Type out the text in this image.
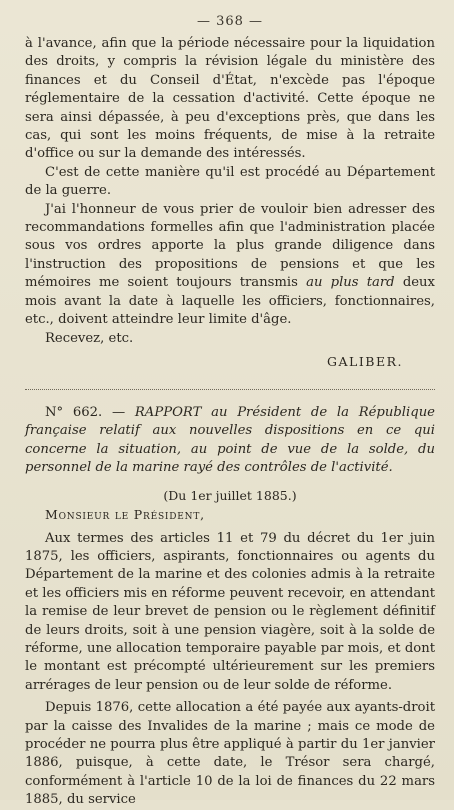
— 368 —

à l'avance, afin que la période nécessaire pour la liquidation des droits, y compris la révision légale du ministère des finances et du Conseil d'État, n'excède pas l'époque réglementaire de la cessation d'activité. Cette époque ne sera ainsi dépassée, à peu d'exceptions près, que dans les cas, qui sont les moins fréquents, de mise à la retraite d'office ou sur la demande des intéressés.

C'est de cette manière qu'il est procédé au Département de la guerre.

J'ai l'honneur de vous prier de vouloir bien adresser des recommandations formelles afin que l'administration placée sous vos ordres apporte la plus grande diligence dans l'instruction des propositions de pensions et que les mémoires me soient toujours transmis au plus tard deux mois avant la date à laquelle les officiers, fonctionnaires, etc., doivent atteindre leur limite d'âge.

Recevez, etc.

GALIBER.

N° 662. — RAPPORT au Président de la République française relatif aux nouvelles dispositions en ce qui concerne la situation, au point de vue de la solde, du personnel de la marine rayé des contrôles de l'activité.

(Du 1er juillet 1885.)
Monsieur le Président,

Aux termes des articles 11 et 79 du décret du 1er juin 1875, les officiers, aspirants, fonctionnaires ou agents du Département de la marine et des colonies admis à la retraite et les officiers mis en réforme peuvent recevoir, en attendant la remise de leur brevet de pension ou le règlement définitif de leurs droits, soit à une pension viagère, soit à la solde de réforme, une allocation temporaire payable par mois, et dont le montant est précompté ultérieurement sur les premiers arrérages de leur pension ou de leur solde de réforme.

Depuis 1876, cette allocation a été payée aux ayants-droit par la caisse des Invalides de la marine ; mais ce mode de procéder ne pourra plus être appliqué à partir du 1er janvier 1886, puisque, à cette date, le Trésor sera chargé, conformément à l'article 10 de la loi de finances du 22 mars 1885, du service
